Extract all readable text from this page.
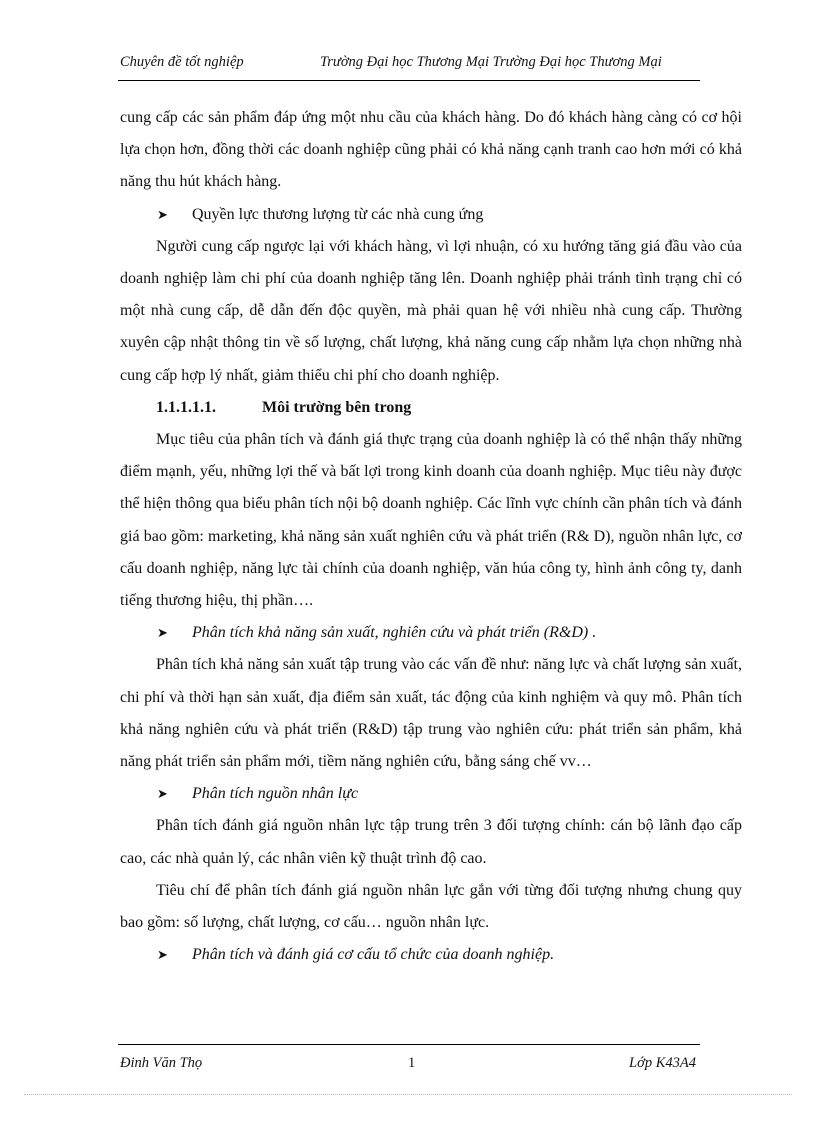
Chuyên đề tốt nghiệp	Trường Đại học Thương Mại Trường Đại học Thương Mại

cung cấp các sản phẩm đáp ứng một nhu cầu của khách hàng. Do đó khách hàng càng có cơ hội lựa chọn hơn, đồng thời các doanh nghiệp cũng phải có khả năng cạnh tranh cao hơn mới có khả năng thu hút khách hàng.

➤ Quyền lực thương lượng từ các nhà cung ứng

Người cung cấp ngược lại với khách hàng, vì lợi nhuận, có xu hướng tăng giá đầu vào của doanh nghiệp làm chi phí của doanh nghiệp tăng lên. Doanh nghiệp phải tránh tình trạng chỉ có một nhà cung cấp, dễ dẫn đến độc quyền, mà phải quan hệ với nhiều nhà cung cấp. Thường xuyên cập nhật thông tin về số lượng, chất lượng, khả năng cung cấp nhằm lựa chọn những nhà cung cấp hợp lý nhất, giảm thiểu chi phí cho doanh nghiệp.

1.1.1.1.1.	Môi trường bên trong

Mục tiêu của phân tích và đánh giá thực trạng của doanh nghiệp là có thể nhận thấy những điểm mạnh, yếu, những lợi thế và bất lợi trong kinh doanh của doanh nghiệp. Mục tiêu này được thể hiện thông qua biểu phân tích nội bộ doanh nghiệp. Các lĩnh vực chính cần phân tích và đánh giá bao gồm: marketing, khả năng sản xuất nghiên cứu và phát triển (R& D), nguồn nhân lực, cơ cấu doanh nghiệp, năng lực tài chính của doanh nghiệp, văn húa công ty, hình ảnh công ty, danh tiếng thương hiệu, thị phần….

➤ Phân tích khả năng sản xuất, nghiên cứu và phát triển (R&D) .

Phân tích khả năng sản xuất tập trung vào các vấn đề như: năng lực và chất lượng sản xuất, chi phí và thời hạn sản xuất, địa điểm sản xuất, tác động của kinh nghiệm và quy mô. Phân tích khả năng nghiên cứu và phát triển (R&D) tập trung vào nghiên cứu: phát triển sản phẩm, khả năng phát triển sản phẩm mới, tiềm năng nghiên cứu, bằng sáng chế vv…

➤ Phân tích nguồn nhân lực

Phân tích đánh giá nguồn nhân lực tập trung trên 3 đối tượng chính: cán bộ lãnh đạo cấp cao, các nhà quản lý, các nhân viên kỹ thuật trình độ cao.

Tiêu chí để phân tích đánh giá nguồn nhân lực gắn với từng đối tượng nhưng chung quy bao gồm: số lượng, chất lượng, cơ cấu… nguồn nhân lực.

➤ Phân tích và đánh giá cơ cấu tổ chức của doanh nghiệp.

Đinh Văn Thọ	1	Lớp K43A4
